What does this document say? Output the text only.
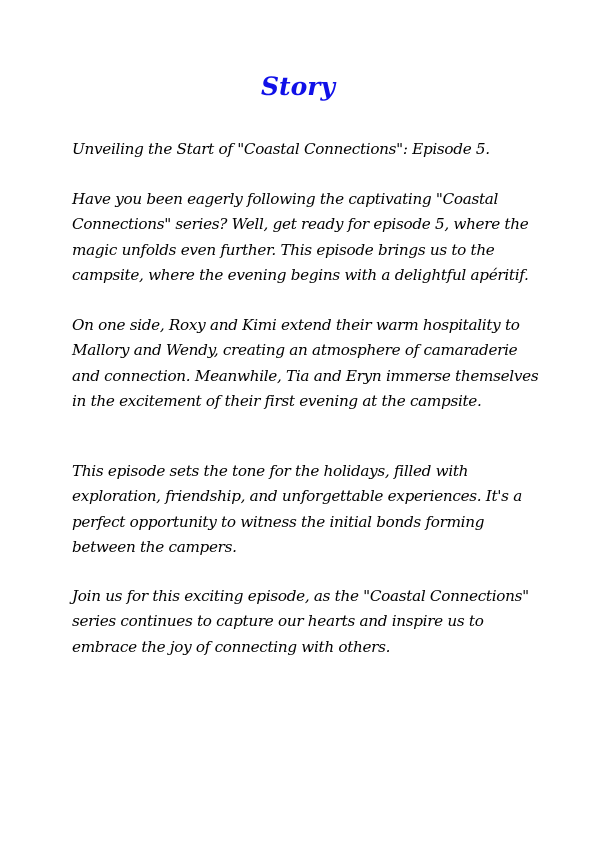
Story

Unveiling the Start of "Coastal Connections": Episode 5.

Have you been eagerly following the captivating "Coastal Connections" series? Well, get ready for episode 5, where the magic unfolds even further. This episode brings us to the campsite, where the evening begins with a delightful apéritif.

On one side, Roxy and Kimi extend their warm hospitality to Mallory and Wendy, creating an atmosphere of camaraderie and connection. Meanwhile, Tia and Eryn immerse themselves in the excitement of their first evening at the campsite.

This episode sets the tone for the holidays, filled with exploration, friendship, and unforgettable experiences. It's a perfect opportunity to witness the initial bonds forming between the campers.

Join us for this exciting episode, as the "Coastal Connections" series continues to capture our hearts and inspire us to embrace the joy of connecting with others.
